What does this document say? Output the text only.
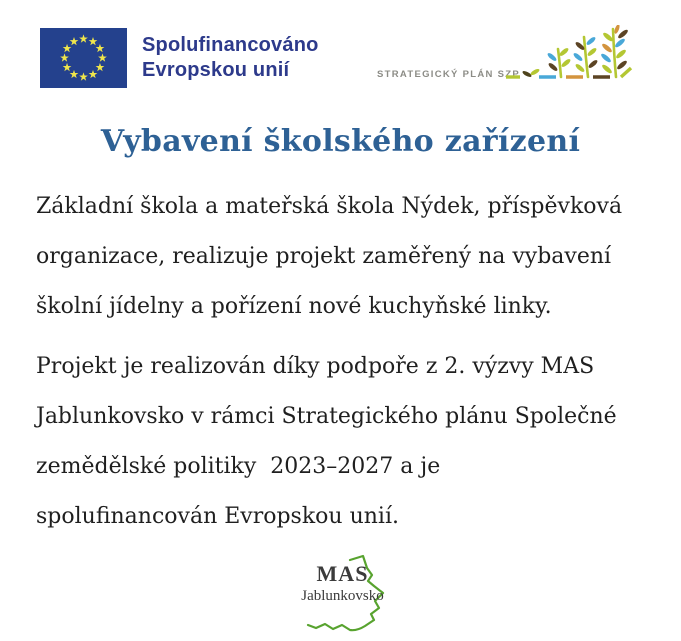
Spolufinancováno
Evropskou unií	STRATEGICKÝ PLÁN SZP
Vybavení školského zařízení

Základní škola a mateřská škola Nýdek, příspěvková
organizace, realizuje projekt zaměřený na vybavení
školní jídelny a pořízení nové kuchyňské linky.

Projekt je realizován díky podpoře z 2. výzvy MAS
Jablunkovsko v rámci Strategického plánu Společné
zemědělské politiky  2023–2027 a je
spolufinancován Evropskou unií.

MAS
Jablunkovsko
